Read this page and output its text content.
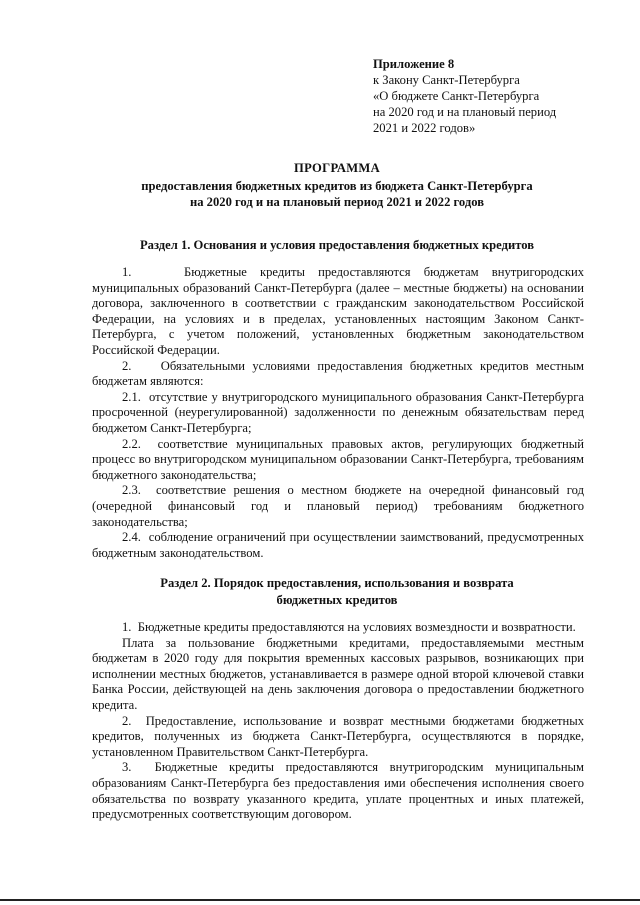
Приложение 8
к Закону Санкт-Петербурга
«О бюджете Санкт-Петербурга
на 2020 год и на плановый период
2021 и 2022 годов»
ПРОГРАММА
предоставления бюджетных кредитов из бюджета Санкт-Петербурга
на 2020 год и на плановый период 2021 и 2022 годов
Раздел 1. Основания и условия предоставления бюджетных кредитов

1.    Бюджетные кредиты предоставляются бюджетам внутригородских муниципальных образований Санкт-Петербурга (далее – местные бюджеты) на основании договора, заключенного в соответствии с гражданским законодательством Российской Федерации, на условиях и в пределах, установленных настоящим Законом Санкт-Петербурга, с учетом положений, установленных бюджетным законодательством Российской Федерации.

2.    Обязательными условиями предоставления бюджетных кредитов местным бюджетам являются:

2.1.  отсутствие у внутригородского муниципального образования Санкт-Петербурга просроченной (неурегулированной) задолженности по денежным обязательствам перед бюджетом Санкт-Петербурга;

2.2.  соответствие муниципальных правовых актов, регулирующих бюджетный процесс во внутригородском муниципальном образовании Санкт-Петербурга, требованиям бюджетного законодательства;

2.3.  соответствие решения о местном бюджете на очередной финансовый год (очередной финансовый год и плановый период) требованиям бюджетного законодательства;

2.4.  соблюдение ограничений при осуществлении заимствований, предусмотренных бюджетным законодательством.

Раздел 2. Порядок предоставления, использования и возврата
бюджетных кредитов

1.  Бюджетные кредиты предоставляются на условиях возмездности и возвратности.

Плата за пользование бюджетными кредитами, предоставляемыми местным бюджетам в 2020 году для покрытия временных кассовых разрывов, возникающих при исполнении местных бюджетов, устанавливается в размере одной второй ключевой ставки Банка России, действующей на день заключения договора о предоставлении бюджетного кредита.

2.  Предоставление, использование и возврат местными бюджетами бюджетных кредитов, полученных из бюджета Санкт-Петербурга, осуществляются в порядке, установленном Правительством Санкт-Петербурга.

3.  Бюджетные кредиты предоставляются внутригородским муниципальным образованиям Санкт-Петербурга без предоставления ими обеспечения исполнения своего обязательства по возврату указанного кредита, уплате процентных и иных платежей, предусмотренных соответствующим договором.
